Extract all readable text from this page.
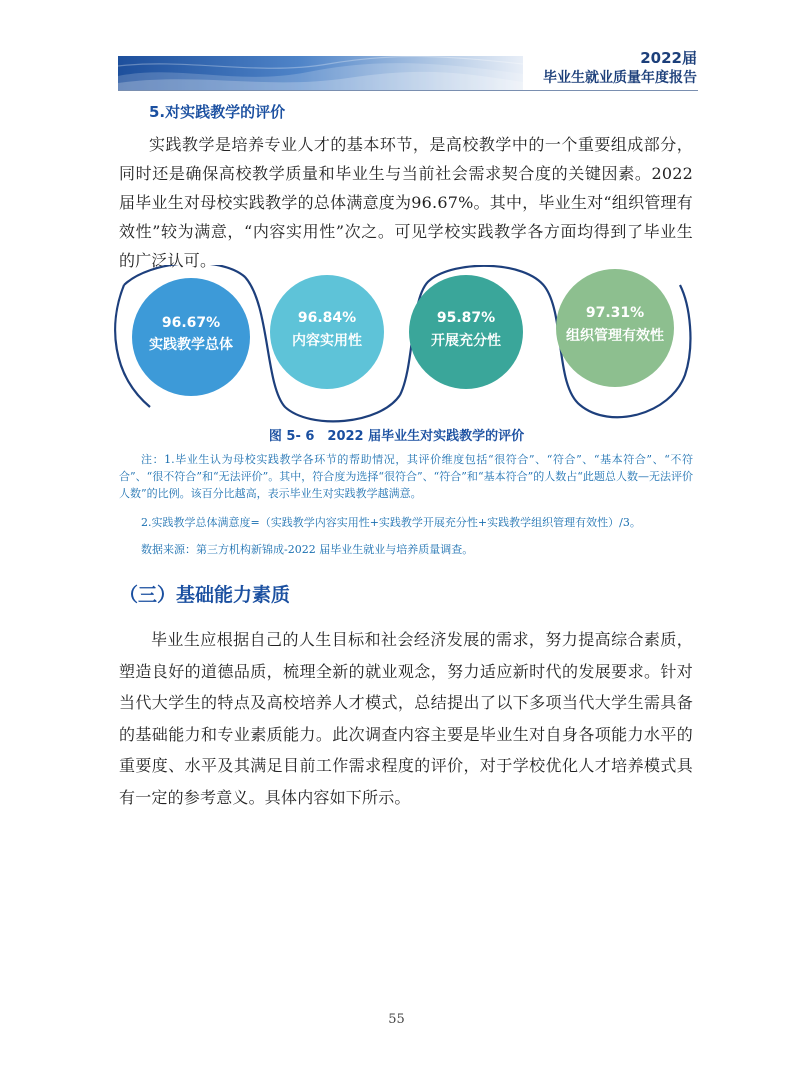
2022届
毕业生就业质量年度报告
5.对实践教学的评价

实践教学是培养专业人才的基本环节，是高校教学中的一个重要组成部分，同时还是确保高校教学质量和毕业生与当前社会需求契合度的关键因素。2022 届毕业生对母校实践教学的总体满意度为96.67%。其中，毕业生对“组织管理有效性”较为满意，“内容实用性”次之。可见学校实践教学各方面均得到了毕业生的广泛认可。

96.67%
实践教学总体
96.84%
内容实用性
95.87%
开展充分性
97.31%
组织管理有效性
图 5- 6　2022 届毕业生对实践教学的评价

注：1.毕业生认为母校实践教学各环节的帮助情况，其评价维度包括“很符合”、“符合”、“基本符合”、“不符合”、“很不符合”和“无法评价”。其中，符合度为选择“很符合”、“符合”和“基本符合”的人数占“此题总人数—无法评价人数”的比例。该百分比越高，表示毕业生对实践教学越满意。

2.实践教学总体满意度=（实践教学内容实用性+实践教学开展充分性+实践教学组织管理有效性）/3。

数据来源：第三方机构新锦成-2022 届毕业生就业与培养质量调查。

（三）基础能力素质

毕业生应根据自己的人生目标和社会经济发展的需求，努力提高综合素质，塑造良好的道德品质，梳理全新的就业观念，努力适应新时代的发展要求。针对当代大学生的特点及高校培养人才模式，总结提出了以下多项当代大学生需具备的基础能力和专业素质能力。此次调查内容主要是毕业生对自身各项能力水平的重要度、水平及其满足目前工作需求程度的评价，对于学校优化人才培养模式具有一定的参考意义。具体内容如下所示。

55
